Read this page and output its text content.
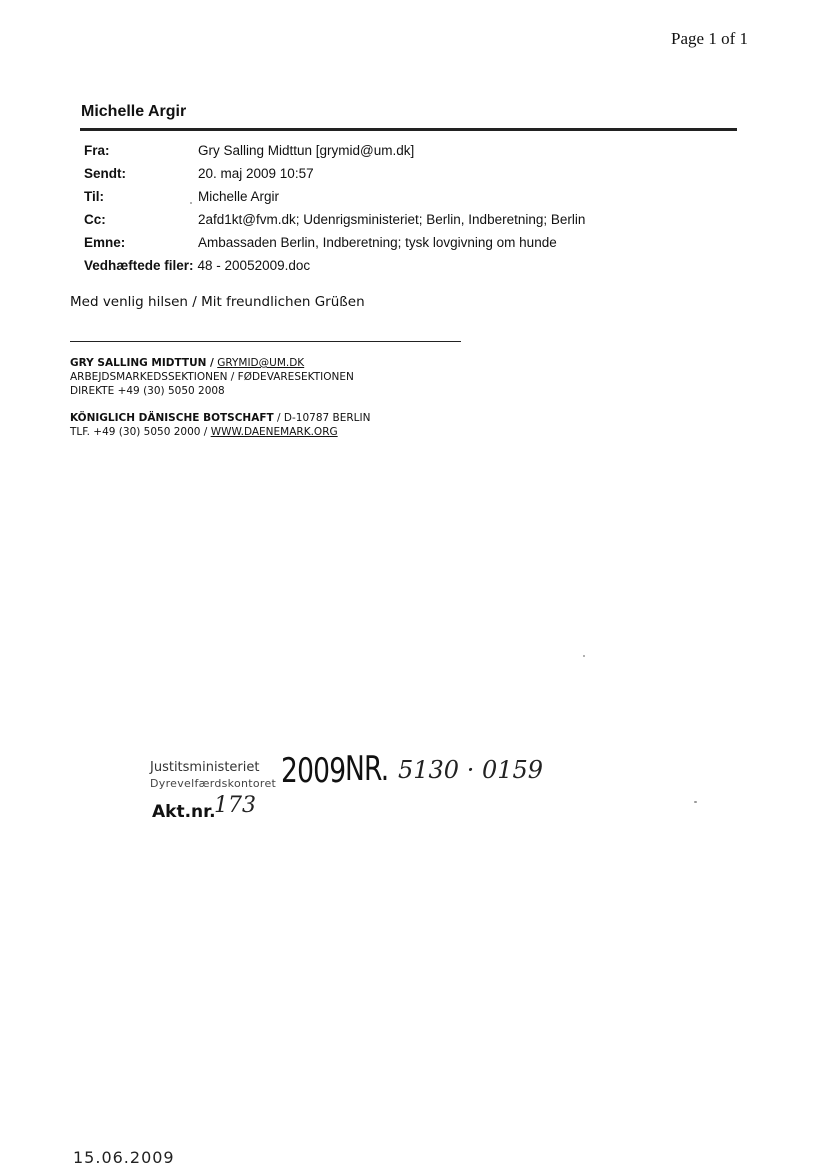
Page 1 of 1
Michelle Argir
Fra:	Gry Salling Midttun [grymid@um.dk]
Sendt:	20. maj 2009 10:57
Til:	Michelle Argir
Cc:	2afd1kt@fvm.dk; Udenrigsministeriet; Berlin, Indberetning; Berlin
Emne:	Ambassaden Berlin, Indberetning; tysk lovgivning om hunde
Vedhæftede filer: 48 - 20052009.doc
Med venlig hilsen / Mit freundlichen Grüßen
GRY SALLING MIDTTUN / GRYMID@UM.DK
ARBEJDSMARKEDSSEKTIONEN / FØDEVARESEKTIONEN
DIREKTE +49 (30) 5050 2008
KÖNIGLICH DÄNISCHE BOTSCHAFT / D-10787 BERLIN
TLF. +49 (30) 5050 2000 / WWW.DAENEMARK.ORG
Justitsministeriet
Dyrevelfærdskontoret 2009 NR. 5130 · 0159
Akt.nr.
173
15.06.2009
